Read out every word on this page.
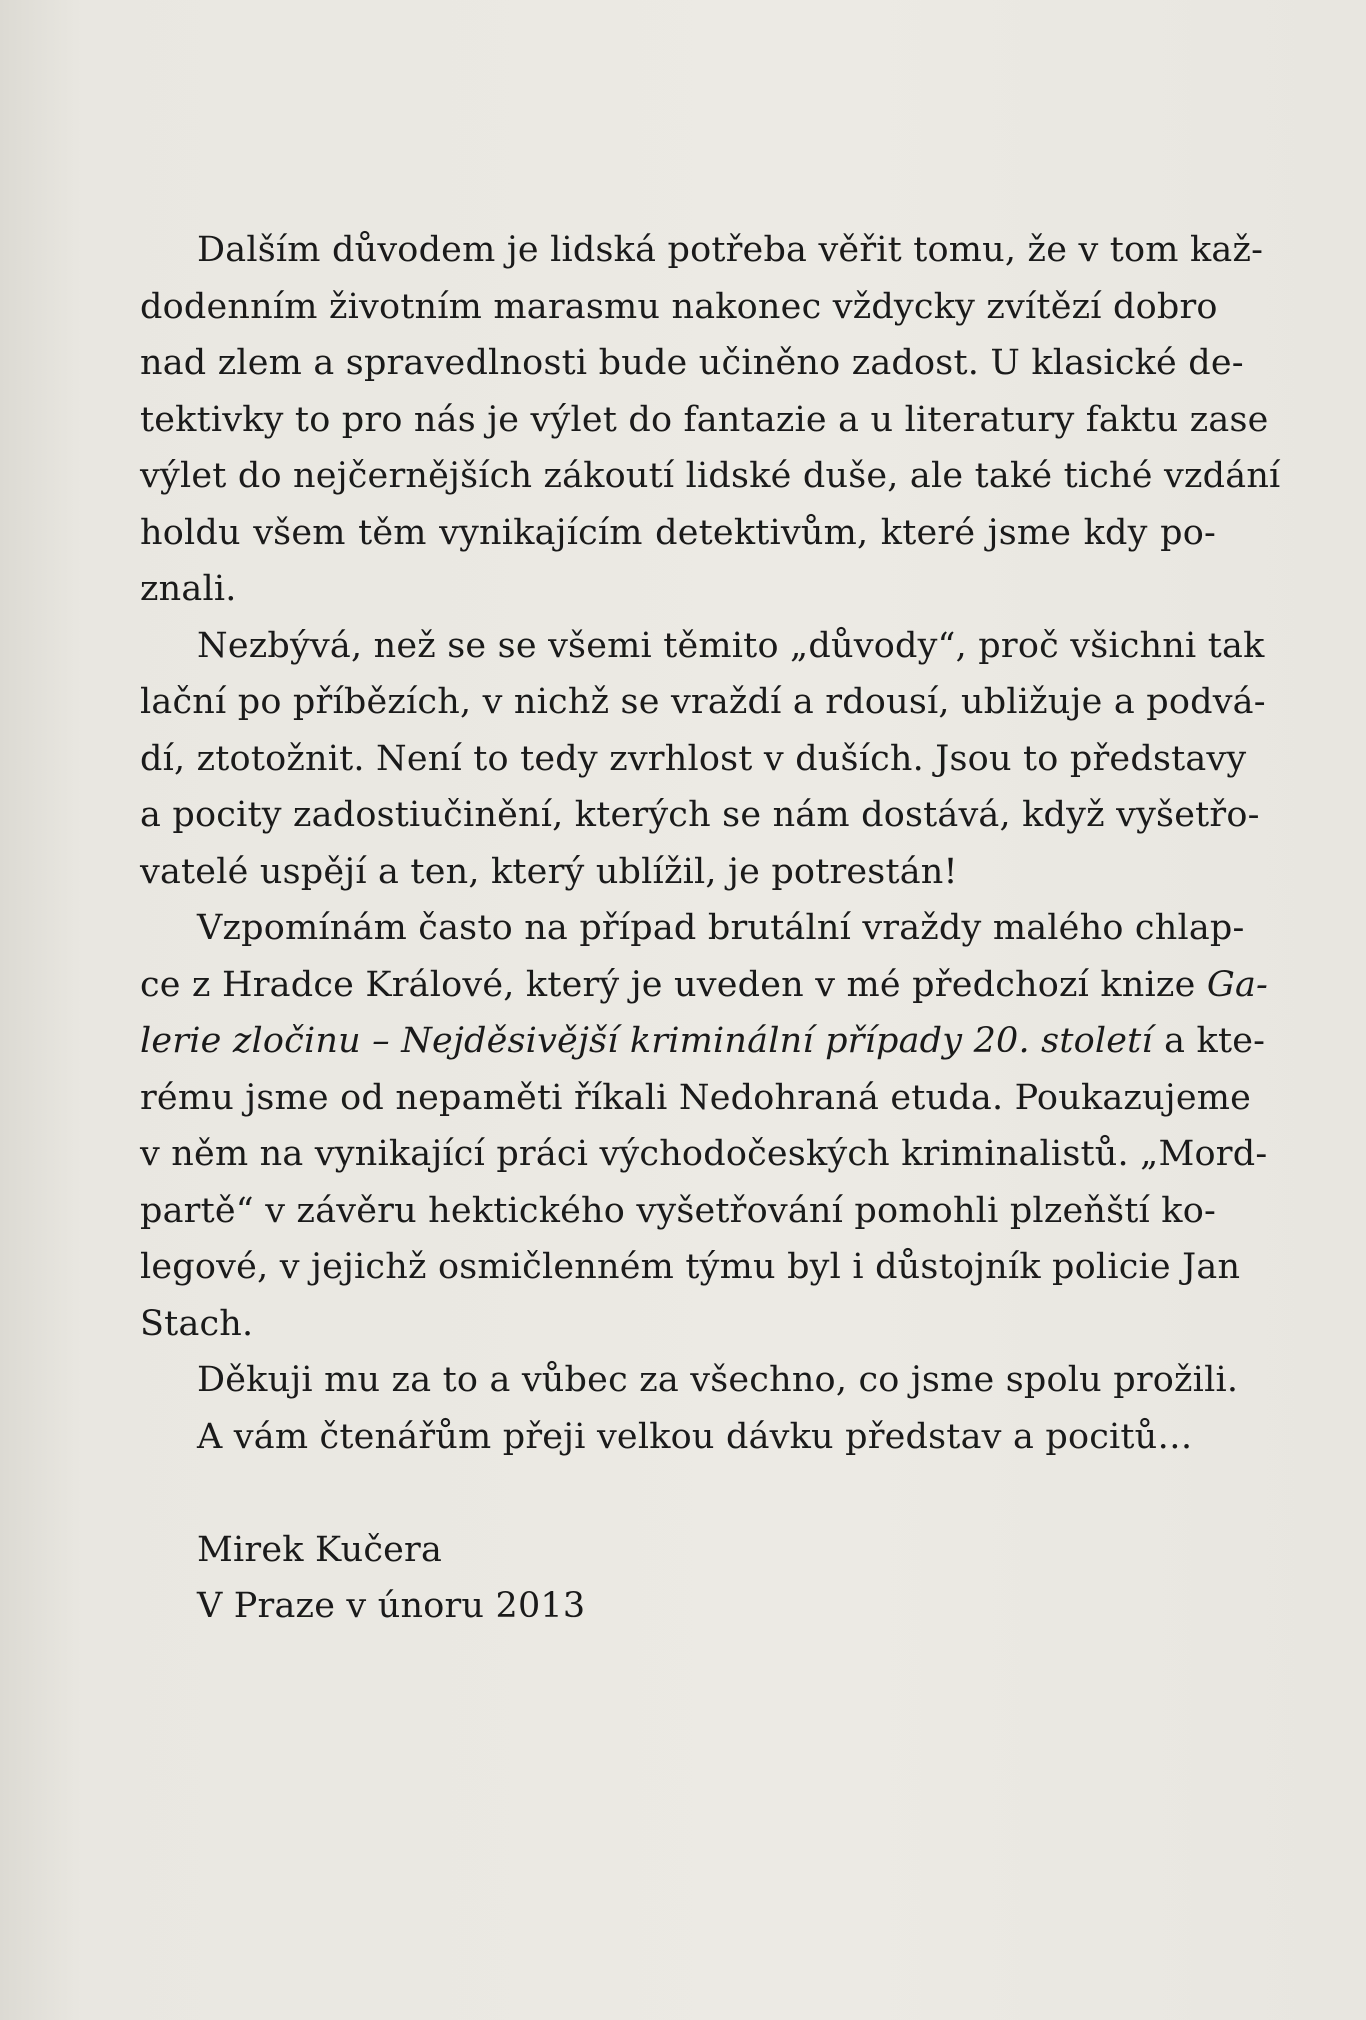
Dalším důvodem je lidská potřeba věřit tomu, že v tom kaž-
dodenním životním marasmu nakonec vždycky zvítězí dobro
nad zlem a spravedlnosti bude učiněno zadost. U klasické de-
tektivky to pro nás je výlet do fantazie a u literatury faktu zase
výlet do nejčernějších zákoutí lidské duše, ale také tiché vzdání
holdu všem těm vynikajícím detektivům, které jsme kdy po-
znali.
Nezbývá, než se se všemi těmito „důvody“, proč všichni tak
lační po příbězích, v nichž se vraždí a rdousí, ubližuje a podvá-
dí, ztotožnit. Není to tedy zvrhlost v duších. Jsou to představy
a pocity zadostiučinění, kterých se nám dostává, když vyšetřo-
vatelé uspějí a ten, který ublížil, je potrestán!
Vzpomínám často na případ brutální vraždy malého chlap-
ce z Hradce Králové, který je uveden v mé předchozí knize Ga-
lerie zločinu – Nejděsivější kriminální případy 20. století a kte-
rému jsme od nepaměti říkali Nedohraná etuda. Poukazujeme
v něm na vynikající práci východočeských kriminalistů. „Mord-
partě“ v závěru hektického vyšetřování pomohli plzeňští ko-
legové, v jejichž osmičlenném týmu byl i důstojník policie Jan
Stach.
Děkuji mu za to a vůbec za všechno, co jsme spolu prožili.
A vám čtenářům přeji velkou dávku představ a pocitů…
Mirek Kučera
V Praze v únoru 2013
